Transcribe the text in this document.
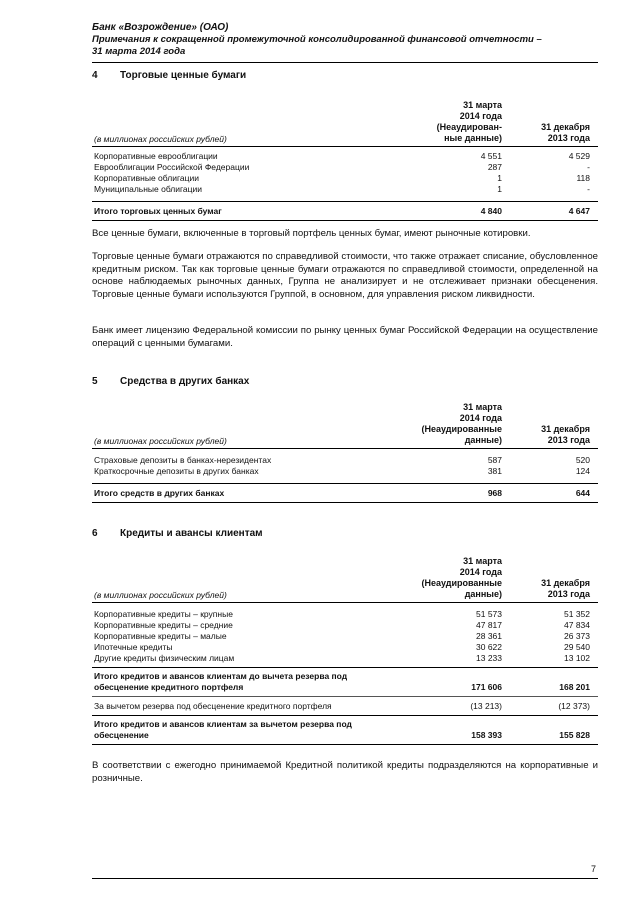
Банк «Возрождение» (ОАО)
Примечания к сокращенной промежуточной консолидированной финансовой отчетности –
31 марта 2014 года
4 Торговые ценные бумаги
(в миллионах российских рублей)
31 марта
2014 года
(Неаудирован-
ные данные)
31 декабря
2013 года
Корпоративные еврооблигации	4 551	4 529
Еврооблигации Российской Федерации	287	-
Корпоративные облигации	1	118
Муниципальные облигации	1	-
Итого торговых ценных бумаг	4 840	4 647
Все ценные бумаги, включенные в торговый портфель ценных бумаг, имеют рыночные котировки.
Торговые ценные бумаги отражаются по справедливой стоимости, что также отражает списание, обусловленное кредитным риском. Так как торговые ценные бумаги отражаются по справедливой стоимости, определенной на основе наблюдаемых рыночных данных, Группа не анализирует и не отслеживает признаки обесценения. Торговые ценные бумаги используются Группой, в основном, для управления риском ликвидности.
Банк имеет лицензию Федеральной комиссии по рынку ценных бумаг Российской Федерации на осуществление операций с ценными бумагами.
5 Средства в других банках
(в миллионах российских рублей)
31 марта
2014 года
(Неаудированные
данные)
31 декабря
2013 года
Страховые депозиты в банках-нерезидентах	587	520
Краткосрочные депозиты в других банках	381	124
Итого средств в других банках	968	644
6 Кредиты и авансы клиентам
(в миллионах российских рублей)
31 марта
2014 года
(Неаудированные
данные)
31 декабря
2013 года
Корпоративные кредиты – крупные	51 573	51 352
Корпоративные кредиты – средние	47 817	47 834
Корпоративные кредиты – малые	28 361	26 373
Ипотечные кредиты	30 622	29 540
Другие кредиты физическим лицам	13 233	13 102
Итого кредитов и авансов клиентам до вычета резерва под
обесценение кредитного портфеля	171 606	168 201
За вычетом резерва под обесценение кредитного портфеля	(13 213)	(12 373)
Итого кредитов и авансов клиентам за вычетом резерва под
обесценение	158 393	155 828
В соответствии с ежегодно принимаемой Кредитной политикой кредиты подразделяются на корпоративные и розничные.
7
